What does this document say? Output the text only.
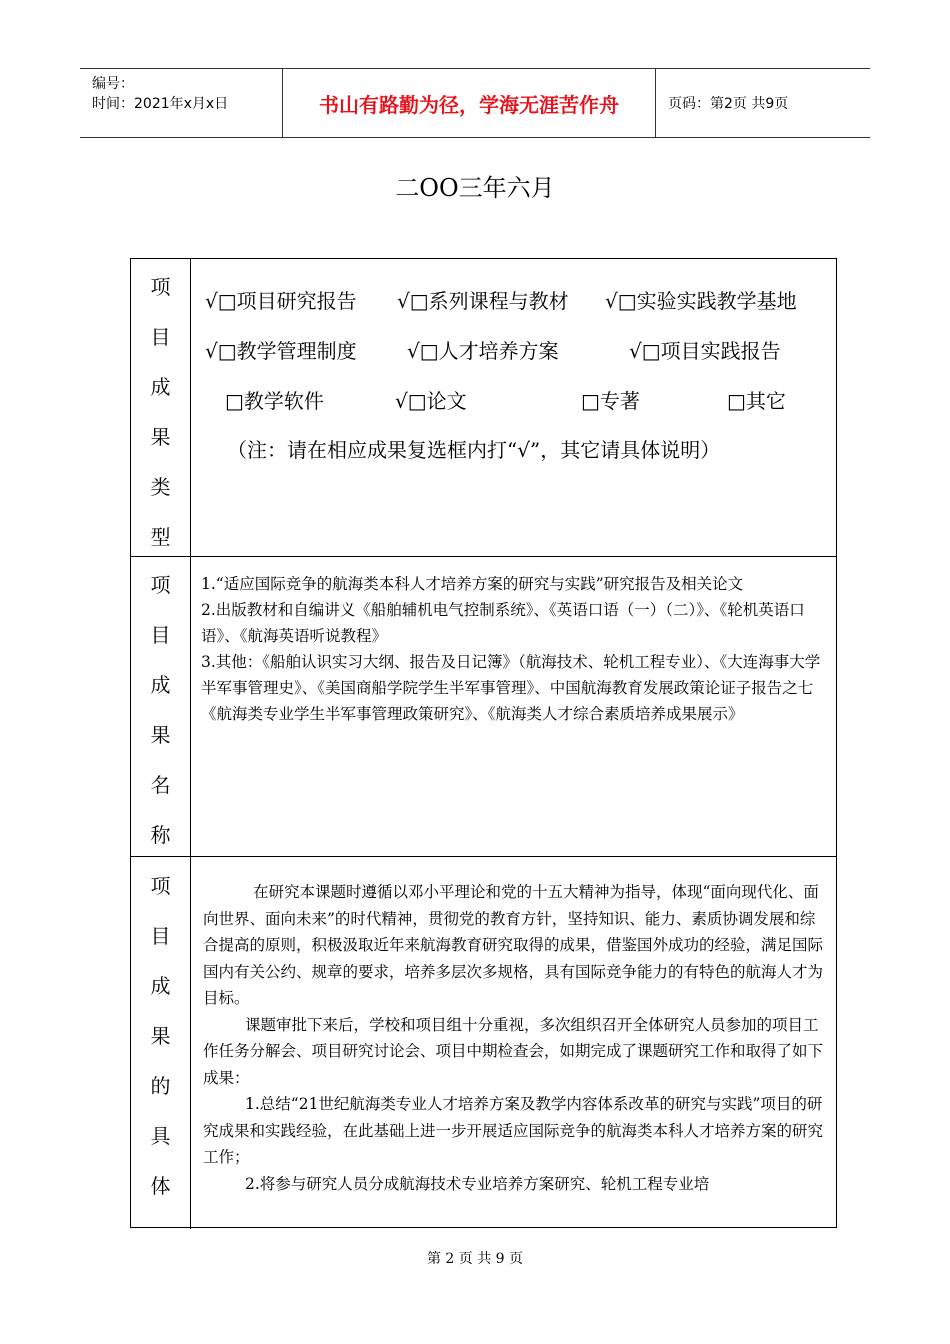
编号：
时间：2021年x月x日	书山有路勤为径，学海无涯苦作舟	页码：第2页 共9页
二OO三年六月
项
目
成
果
类
型
√□项目研究报告 √□系列课程与教材 √□实验实践教学基地
√□教学管理制度	√□人才培养方案	√□项目实践报告
□教学软件	√□论文	□专著	□其它
（注：请在相应成果复选框内打“√”，其它请具体说明）
项
目
成
果
名
称

1.“适应国际竞争的航海类本科人才培养方案的研究与实践”研究报告及相关论文

2.出版教材和自编讲义《船舶辅机电气控制系统》、《英语口语（一）（二）》、《轮机英语口语》、《航海英语听说教程》

3.其他：《船舶认识实习大纲、报告及日记簿》（航海技术、轮机工程专业）、《大连海事大学半军事管理史》、《美国商船学院学生半军事管理》、中国航海教育发展政策论证子报告之七《航海类专业学生半军事管理政策研究》、《航海类人才综合素质培养成果展示》

项
目
成
果
的
具
体

在研究本课题时遵循以邓小平理论和党的十五大精神为指导，体现“面向现代化、面向世界、面向未来”的时代精神，贯彻党的教育方针，坚持知识、能力、素质协调发展和综合提高的原则，积极汲取近年来航海教育研究取得的成果，借鉴国外成功的经验，满足国际国内有关公约、规章的要求，培养多层次多规格，具有国际竞争能力的有特色的航海人才为目标。

课题审批下来后，学校和项目组十分重视，多次组织召开全体研究人员参加的项目工作任务分解会、项目研究讨论会、项目中期检查会，如期完成了课题研究工作和取得了如下成果：

1.总结“21世纪航海类专业人才培养方案及教学内容体系改革的研究与实践”项目的研究成果和实践经验，在此基础上进一步开展适应国际竞争的航海类本科人才培养方案的研究工作；

2.将参与研究人员分成航海技术专业培养方案研究、轮机工程专业培

第 2 页 共 9 页
